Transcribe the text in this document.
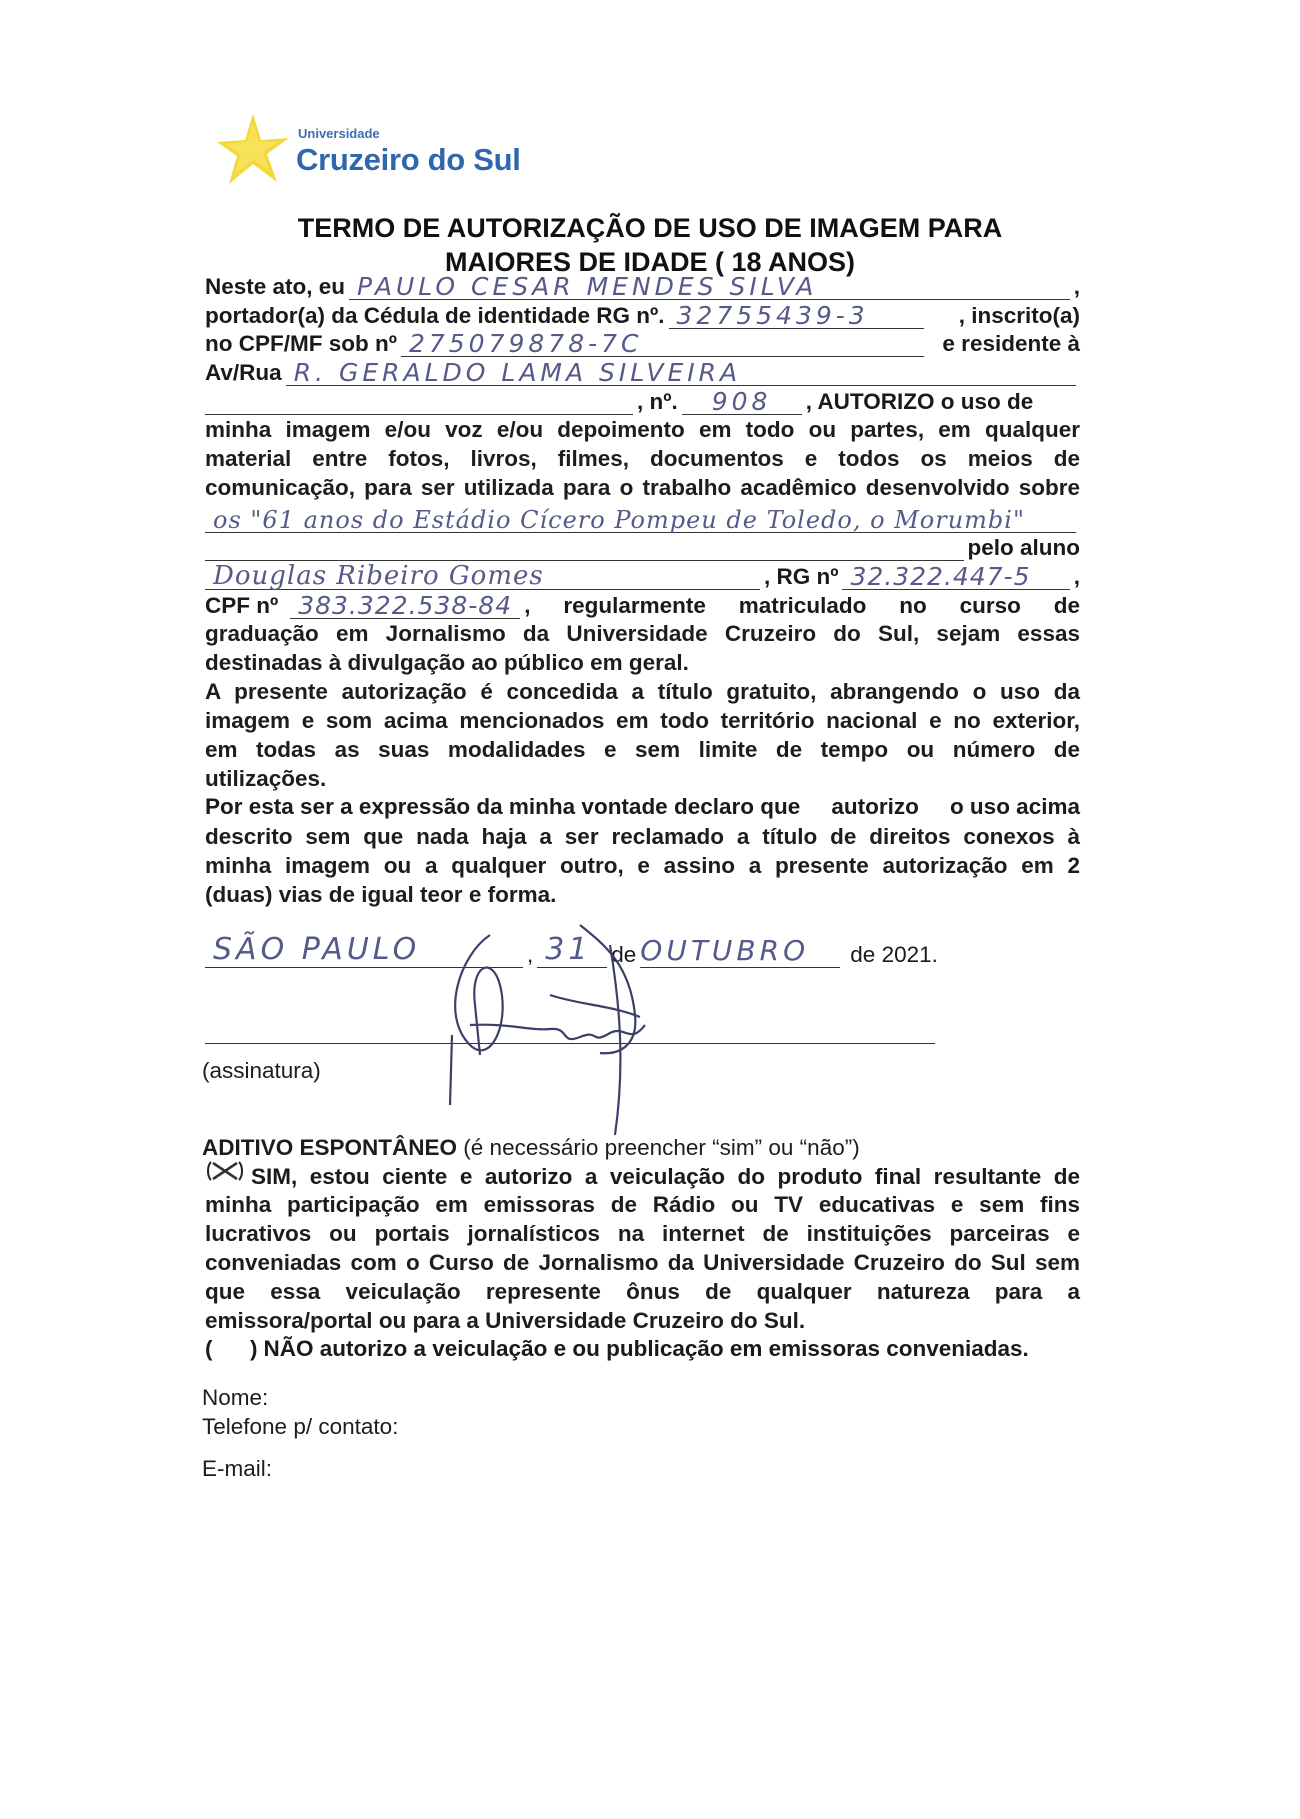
Universidade
Cruzeiro do Sul
TERMO DE AUTORIZAÇÃO DE USO DE IMAGEM PARA
MAIORES DE IDADE ( 18 ANOS)
Neste ato, eu PAULO CESAR MENDES SILVA	,
portador(a) da Cédula de identidade RG nº. 32755439-3	, inscrito(a)
no CPF/MF sob nº 275079878-7C	e residente à
Av/Rua R. GERALDO LAMA SILVEIRA
, nº. 908 , AUTORIZO o uso de
minha imagem e/ou voz e/ou depoimento em todo ou partes, em qualquer
material entre fotos, livros, filmes, documentos e todos os meios de
comunicação, para ser utilizada para o trabalho acadêmico desenvolvido sobre
os "61 anos do Estádio Cícero Pompeu de Toledo, o Morumbi"
pelo aluno
Douglas Ribeiro Gomes	, RG nº 32.322.447-5 ,
CPF nº 383.322.538-84 , regularmente matriculado no curso de
graduação em Jornalismo da Universidade Cruzeiro do Sul, sejam essas
destinadas à divulgação ao público em geral.
A presente autorização é concedida a título gratuito, abrangendo o uso da
imagem e som acima mencionados em todo território nacional e no exterior,
em todas as suas modalidades e sem limite de tempo ou número de
utilizações.
Por esta ser a expressão da minha vontade declaro que autorizo o uso acima
descrito sem que nada haja a ser reclamado a título de direitos conexos à
minha imagem ou a qualquer outro, e assino a presente autorização em 2
(duas) vias de igual teor e forma.
SÃO PAULO	, 31 de OUTUBRO de 2021.
(assinatura)
ADITIVO ESPONTÂNEO (é necessário preencher “sim” ou “não”)
SIM, estou ciente e autorizo a veiculação do produto final resultante de
minha participação em emissoras de Rádio ou TV educativas e sem fins
lucrativos ou portais jornalísticos na internet de instituições parceiras e
conveniadas com o Curso de Jornalismo da Universidade Cruzeiro do Sul sem
que essa veiculação represente ônus de qualquer natureza para a
emissora/portal ou para a Universidade Cruzeiro do Sul.
(      ) NÃO autorizo a veiculação e ou publicação em emissoras conveniadas.
Nome:
Telefone p/ contato:
E-mail:
